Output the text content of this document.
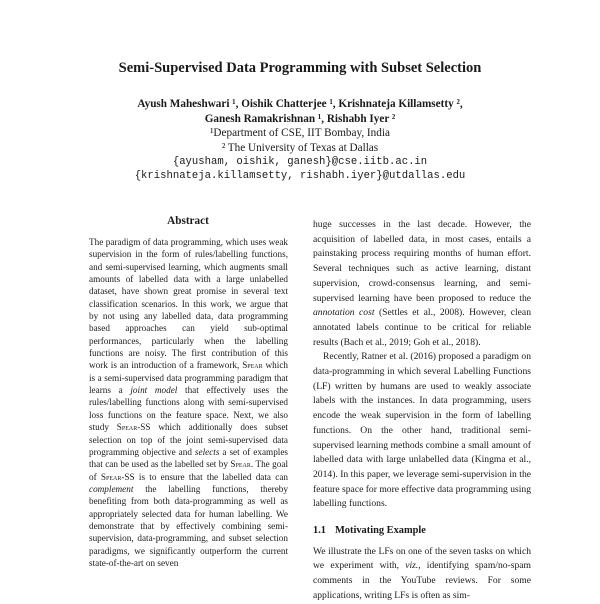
Semi-Supervised Data Programming with Subset Selection
Ayush Maheshwari ¹, Oishik Chatterjee ¹, Krishnateja Killamsetty ²,
Ganesh Ramakrishnan ¹, Rishabh Iyer ²
¹Department of CSE, IIT Bombay, India
² The University of Texas at Dallas
{ayusham, oishik, ganesh}@cse.iitb.ac.in
{krishnateja.killamsetty, rishabh.iyer}@utdallas.edu
Abstract
The paradigm of data programming, which uses weak supervision in the form of rules/labelling functions, and semi-supervised learning, which augments small amounts of labelled data with a large unlabelled dataset, have shown great promise in several text classification scenarios. In this work, we argue that by not using any labelled data, data programming based approaches can yield sub-optimal performances, particularly when the labelling functions are noisy. The first contribution of this work is an introduction of a framework, Spear which is a semi-supervised data programming paradigm that learns a joint model that effectively uses the rules/labelling functions along with semi-supervised loss functions on the feature space. Next, we also study Spear-SS which additionally does subset selection on top of the joint semi-supervised data programming objective and selects a set of examples that can be used as the labelled set by Spear. The goal of Spear-SS is to ensure that the labelled data can complement the labelling functions, thereby benefiting from both data-programming as well as appropriately selected data for human labelling. We demonstrate that by effectively combining semi-supervision, data-programming, and subset selection paradigms, we significantly outperform the current state-of-the-art on seven

huge successes in the last decade. However, the acquisition of labelled data, in most cases, entails a painstaking process requiring months of human effort. Several techniques such as active learning, distant supervision, crowd-consensus learning, and semi-supervised learning have been proposed to reduce the annotation cost (Settles et al., 2008). However, clean annotated labels continue to be critical for reliable results (Bach et al., 2019; Goh et al., 2018).

Recently, Ratner et al. (2016) proposed a paradigm on data-programming in which several Labelling Functions (LF) written by humans are used to weakly associate labels with the instances. In data programming, users encode the weak supervision in the form of labelling functions. On the other hand, traditional semi-supervised learning methods combine a small amount of labelled data with large unlabelled data (Kingma et al., 2014). In this paper, we leverage semi-supervision in the feature space for more effective data programming using labelling functions.

1.1 Motivating Example

We illustrate the LFs on one of the seven tasks on which we experiment with, viz., identifying spam/no-spam comments in the YouTube reviews. For some applications, writing LFs is often as sim-
